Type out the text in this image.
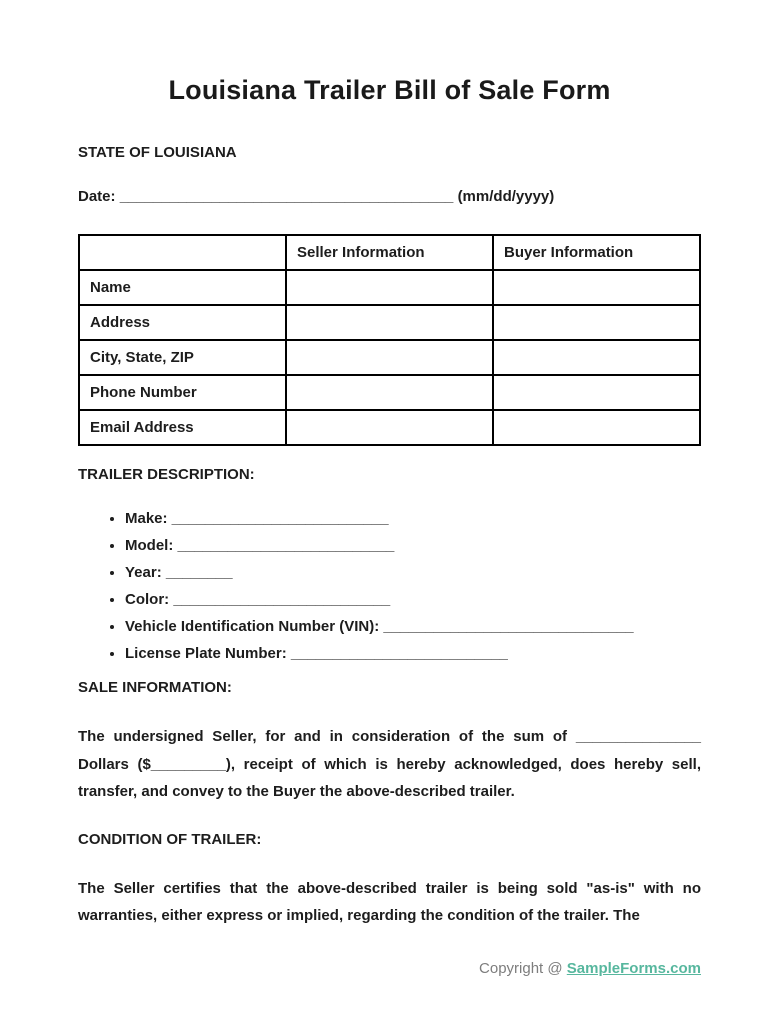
Louisiana Trailer Bill of Sale Form

STATE OF LOUISIANA

Date: ________________________________________ (mm/dd/yyyy)

	Seller Information	Buyer Information
Name		
Address		
City, State, ZIP		
Phone Number		
Email Address		

TRAILER DESCRIPTION:

• Make: __________________________
• Model: __________________________
• Year: ________
• Color: __________________________
• Vehicle Identification Number (VIN): ______________________________
• License Plate Number: __________________________

SALE INFORMATION:

The undersigned Seller, for and in consideration of the sum of _______________ Dollars ($_________), receipt of which is hereby acknowledged, does hereby sell, transfer, and convey to the Buyer the above-described trailer.

CONDITION OF TRAILER:

The Seller certifies that the above-described trailer is being sold "as-is" with no warranties, either express or implied, regarding the condition of the trailer. The

Copyright @ SampleForms.com
